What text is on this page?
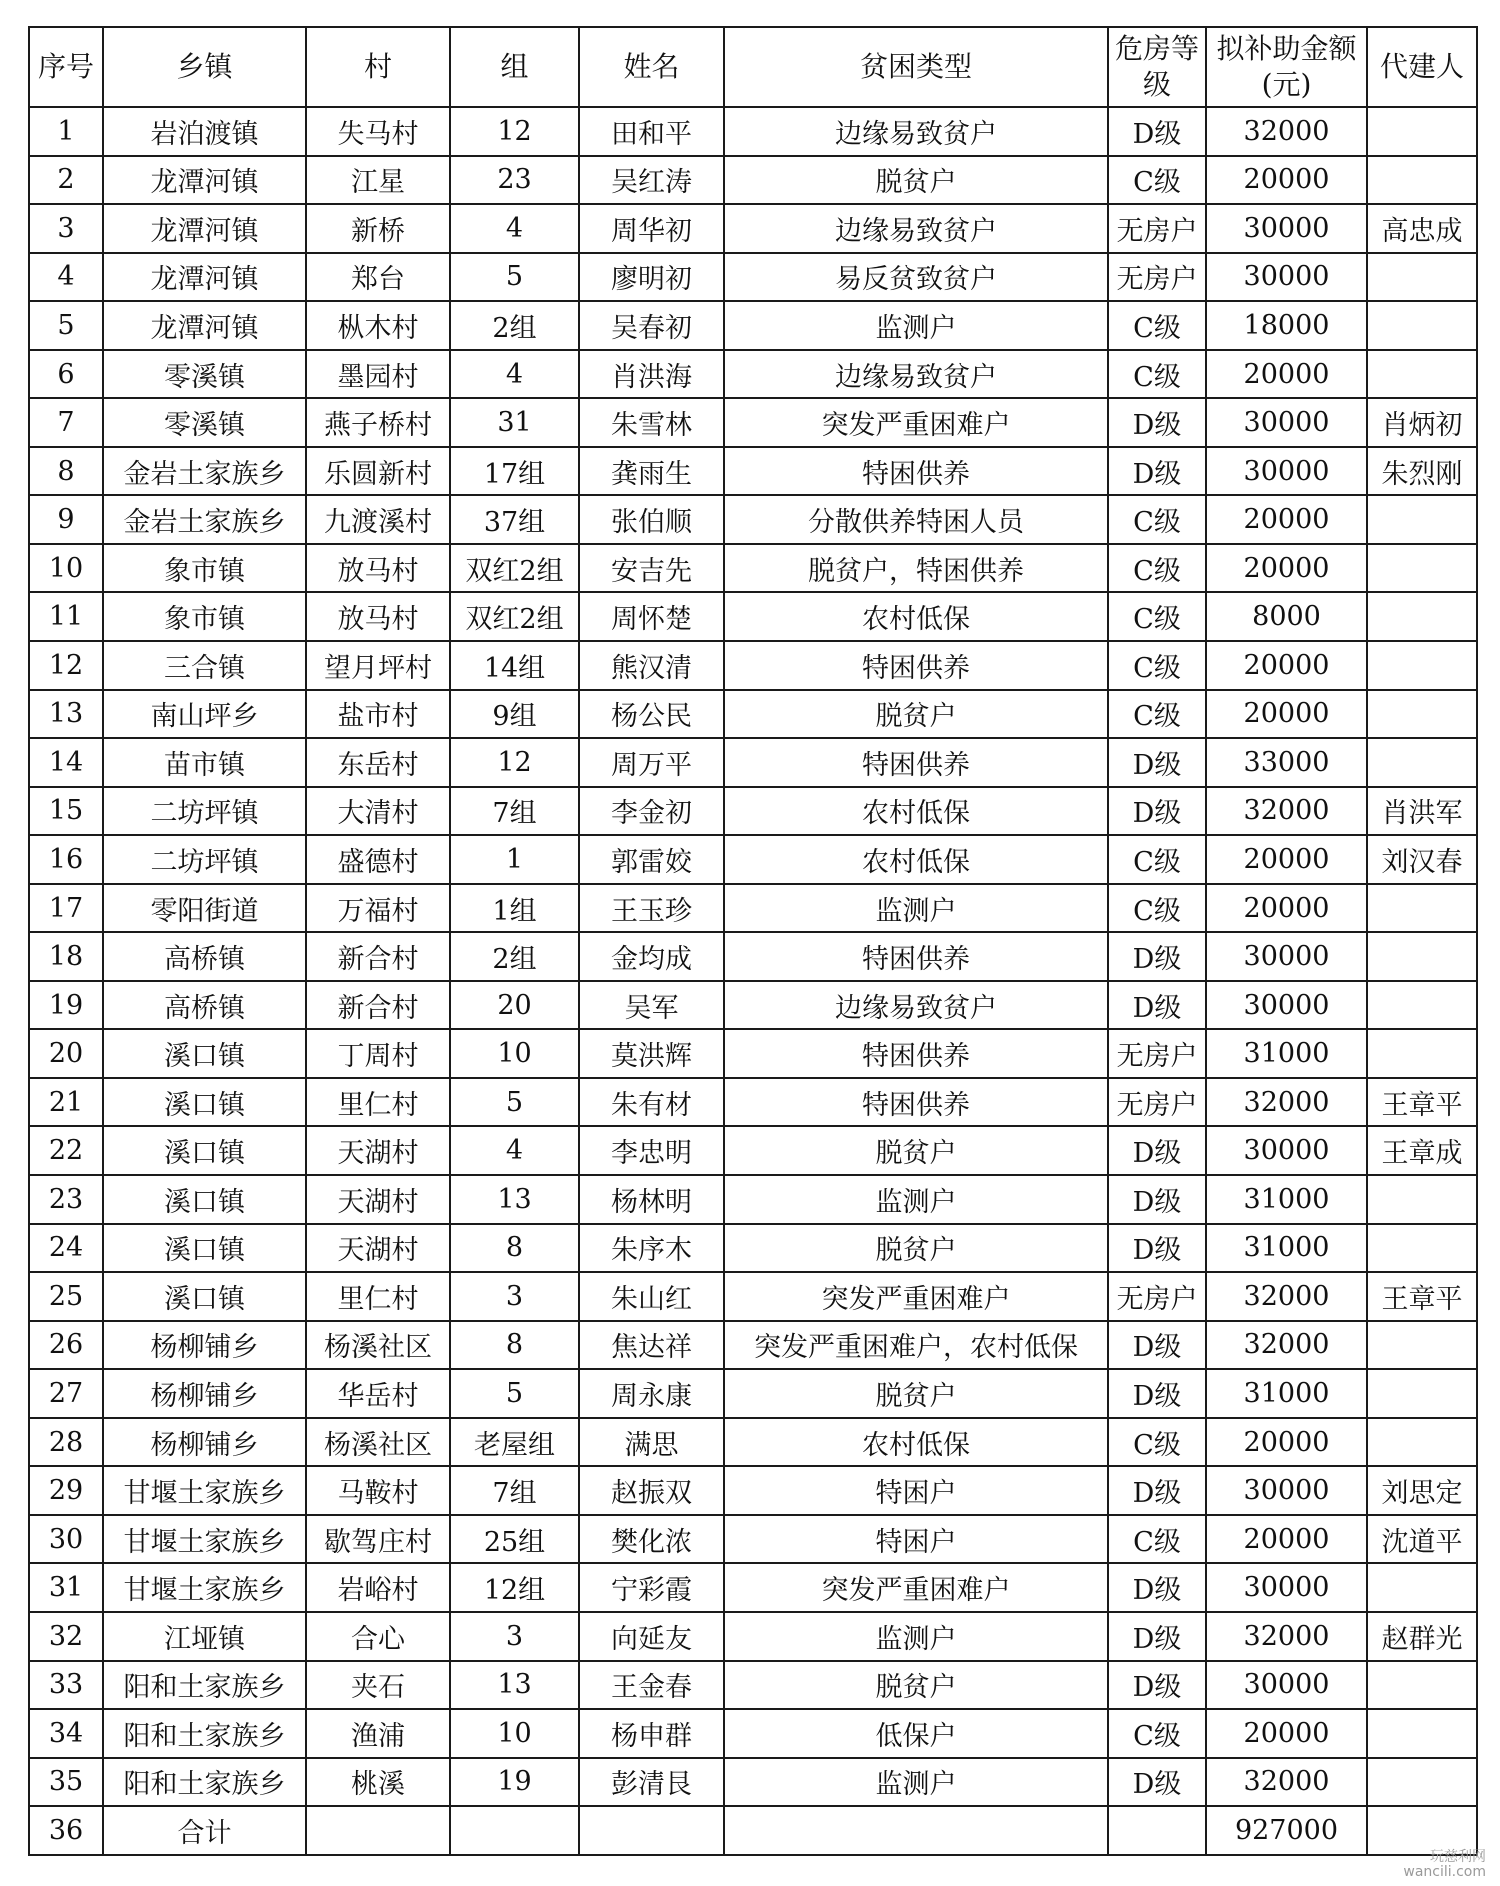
序号	乡镇	村	组	姓名	贫困类型	危房等级	拟补助金额(元)	代建人
1	岩泊渡镇	失马村	12	田和平	边缘易致贫户	D级	32000	
2	龙潭河镇	江星	23	吴红涛	脱贫户	C级	20000	
3	龙潭河镇	新桥	4	周华初	边缘易致贫户	无房户	30000	高忠成
4	龙潭河镇	郑台	5	廖明初	易反贫致贫户	无房户	30000	
5	龙潭河镇	枞木村	2组	吴春初	监测户	C级	18000	
6	零溪镇	墨园村	4	肖洪海	边缘易致贫户	C级	20000	
7	零溪镇	燕子桥村	31	朱雪林	突发严重困难户	D级	30000	肖炳初
8	金岩土家族乡	乐圆新村	17组	龚雨生	特困供养	D级	30000	朱烈刚
9	金岩土家族乡	九渡溪村	37组	张伯顺	分散供养特困人员	C级	20000	
10	象市镇	放马村	双红2组	安吉先	脱贫户，特困供养	C级	20000	
11	象市镇	放马村	双红2组	周怀楚	农村低保	C级	8000	
12	三合镇	望月坪村	14组	熊汉清	特困供养	C级	20000	
13	南山坪乡	盐市村	9组	杨公民	脱贫户	C级	20000	
14	苗市镇	东岳村	12	周万平	特困供养	D级	33000	
15	二坊坪镇	大清村	7组	李金初	农村低保	D级	32000	肖洪军
16	二坊坪镇	盛德村	1	郭雷姣	农村低保	C级	20000	刘汉春
17	零阳街道	万福村	1组	王玉珍	监测户	C级	20000	
18	高桥镇	新合村	2组	金均成	特困供养	D级	30000	
19	高桥镇	新合村	20	吴军	边缘易致贫户	D级	30000	
20	溪口镇	丁周村	10	莫洪辉	特困供养	无房户	31000	
21	溪口镇	里仁村	5	朱有材	特困供养	无房户	32000	王章平
22	溪口镇	天湖村	4	李忠明	脱贫户	D级	30000	王章成
23	溪口镇	天湖村	13	杨林明	监测户	D级	31000	
24	溪口镇	天湖村	8	朱序木	脱贫户	D级	31000	
25	溪口镇	里仁村	3	朱山红	突发严重困难户	无房户	32000	王章平
26	杨柳铺乡	杨溪社区	8	焦达祥	突发严重困难户，农村低保	D级	32000	
27	杨柳铺乡	华岳村	5	周永康	脱贫户	D级	31000	
28	杨柳铺乡	杨溪社区	老屋组	满思	农村低保	C级	20000	
29	甘堰土家族乡	马鞍村	7组	赵振双	特困户	D级	30000	刘思定
30	甘堰土家族乡	歇驾庄村	25组	樊化浓	特困户	C级	20000	沈道平
31	甘堰土家族乡	岩峪村	12组	宁彩霞	突发严重困难户	D级	30000	
32	江垭镇	合心	3	向延友	监测户	D级	32000	赵群光
33	阳和土家族乡	夹石	13	王金春	脱贫户	D级	30000	
34	阳和土家族乡	渔浦	10	杨申群	低保户	C级	20000	
35	阳和土家族乡	桃溪	19	彭清艮	监测户	D级	32000	
36	合计						927000	
玩慈利网
wancili.com
